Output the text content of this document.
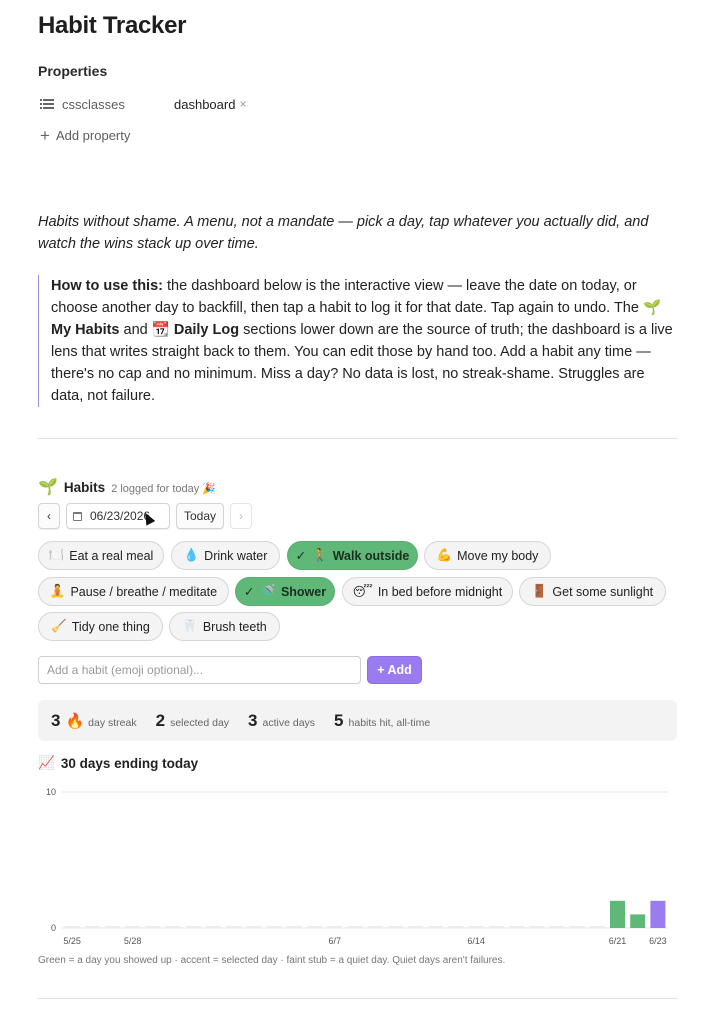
Habit Tracker
Properties
cssclasses	dashboard ×
+ Add property

Habits without shame. A menu, not a mandate — pick a day, tap whatever you actually did, and watch the wins stack up over time.

How to use this: the dashboard below is the interactive view — leave the date on today, or choose another day to backfill, then tap a habit to log it for that date. Tap again to undo. The 🌱 My Habits and 📆 Daily Log sections lower down are the source of truth; the dashboard is a live lens that writes straight back to them. You can edit those by hand too. Add a habit any time — there's no cap and no minimum. Miss a day? No data is lost, no streak-shame. Struggles are data, not failure.
🌱 Habits 2 logged for today 🎉
‹	06/23/2026	Today	›
🍽️ Eat a real meal 💧 Drink water ✓ 🚶 Walk outside 💪 Move my body
🧘 Pause / breathe / meditate ✓ 🚿 Shower 😴 In bed before midnight 🚪 Get some sunlight
🧹 Tidy one thing	🦷 Brush teeth
Add a habit (emoji optional)...
+ Add
3 🔥 day streak 2 selected day 3 active days 5 habits hit, all-time
📈 30 days ending today
10
0
5/25	5/28	6/7	6/14	6/21	6/23
Green = a day you showed up · accent = selected day · faint stub = a quiet day. Quiet days aren't failures.
